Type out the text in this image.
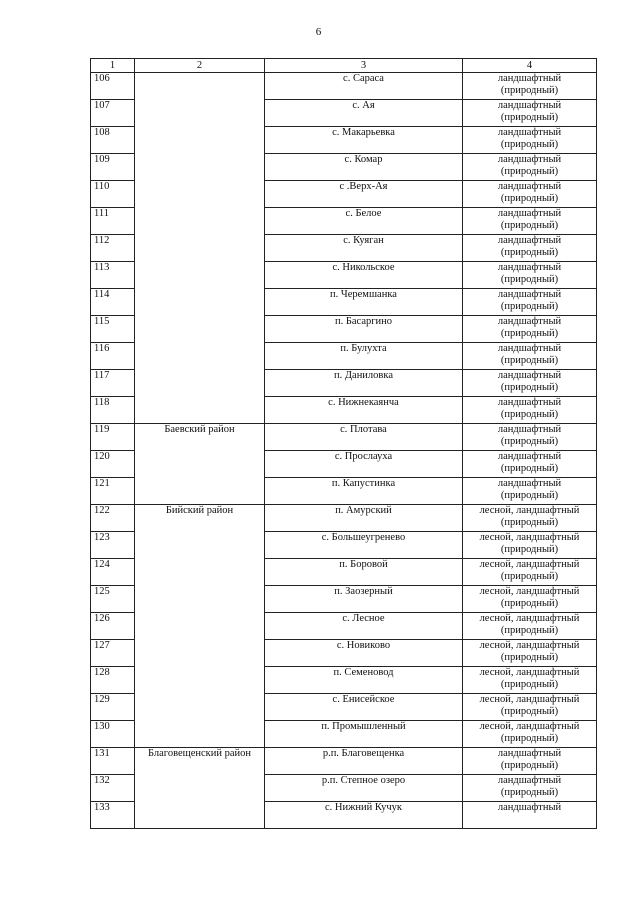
6
1	2	3	4
106		с. Сараса	ландшафтный
(природный)

107		с. Ая	ландшафтный
(природный)

108		с. Макарьевка	ландшафтный
(природный)

109		с. Комар	ландшафтный
(природный)

110		с .Верх-Ая	ландшафтный
(природный)

111		с. Белое	ландшафтный
(природный)

112		с. Куяган	ландшафтный
(природный)

113		с. Никольское	ландшафтный
(природный)

114		п. Черемшанка	ландшафтный
(природный)

115		п. Басаргино	ландшафтный
(природный)

116		п. Булухта	ландшафтный
(природный)

117		п. Даниловка	ландшафтный
(природный)

118		с. Нижнекаянча	ландшафтный
(природный)

119	Баевский район	с. Плотава	ландшафтный
(природный)

120		с. Прослауха	ландшафтный
(природный)

121		п. Капустинка	ландшафтный
(природный)

122	Бийский район	п. Амурский	лесной, ландшафтный
(природный)

123		с. Большеугренево	лесной, ландшафтный
(природный)

124		п. Боровой	лесной, ландшафтный
(природный)

125		п. Заозерный	лесной, ландшафтный
(природный)

126		с. Лесное	лесной, ландшафтный
(природный)

127		с. Новиково	лесной, ландшафтный
(природный)

128		п. Семеновод	лесной, ландшафтный
(природный)

129		с. Енисейское	лесной, ландшафтный
(природный)

130		п. Промышленный	лесной, ландшафтный
(природный)

131	Благовещенский район	р.п. Благовещенка	ландшафтный
(природный)

132		р.п. Степное озеро	ландшафтный
(природный)

133		с. Нижний Кучук	ландшафтный
